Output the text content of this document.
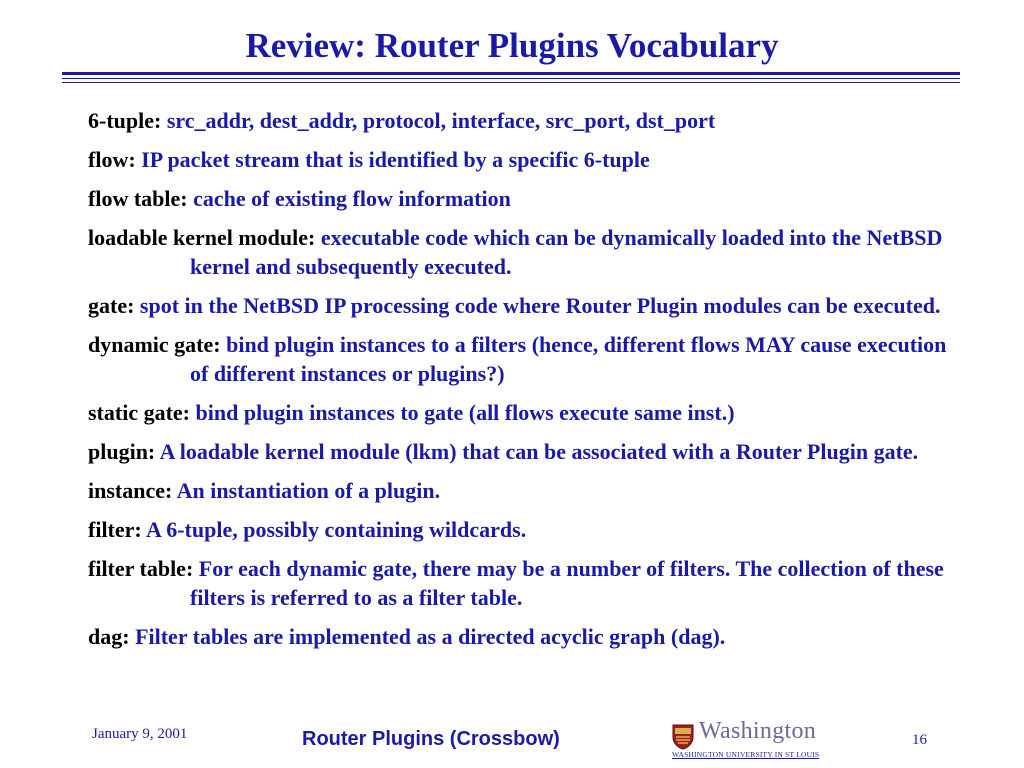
Review: Router Plugins Vocabulary
6-tuple: src_addr, dest_addr, protocol, interface, src_port, dst_port
flow: IP packet stream that is identified by a specific 6-tuple
flow table: cache of existing flow information
loadable kernel module: executable code which can be dynamically loaded into the NetBSD kernel and subsequently executed.
gate: spot in the NetBSD IP processing code where Router Plugin modules can be executed.
dynamic gate: bind plugin instances to a filters (hence, different flows MAY cause execution of different instances or plugins?)
static gate: bind plugin instances to gate (all flows execute same inst.)
plugin: A loadable kernel module (lkm) that can be associated with a Router Plugin gate.
instance: An instantiation of a plugin.
filter: A 6-tuple, possibly containing wildcards.
filter table: For each dynamic gate, there may be a number of filters. The collection of these filters is referred to as a filter table.
dag: Filter tables are implemented as a directed acyclic graph (dag).
January 9, 2001	Router Plugins (Crossbow)	Washington
WASHINGTON UNIVERSITY IN ST LOUIS
16
